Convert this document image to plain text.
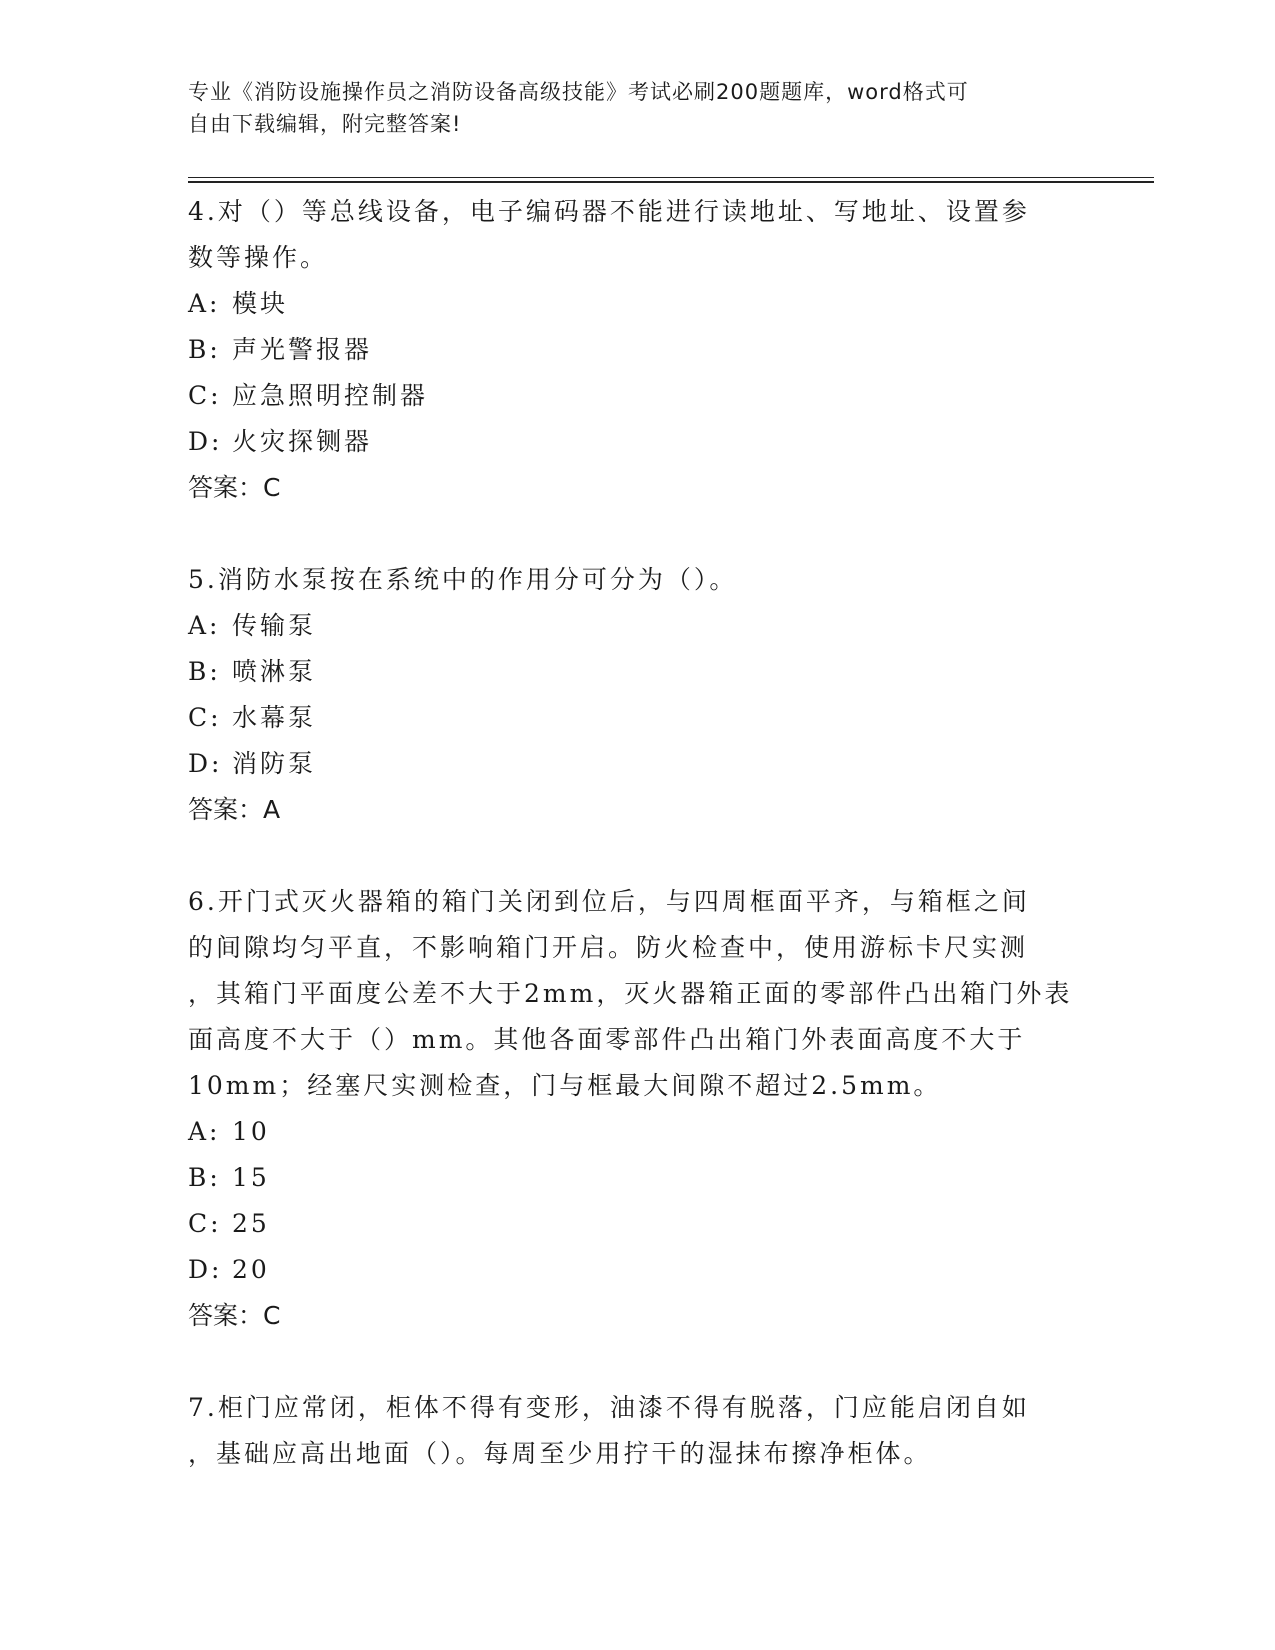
专业《消防设施操作员之消防设备高级技能》考试必刷200题题库，word格式可
自由下载编辑，附完整答案!
4.对（）等总线设备，电子编码器不能进行读地址、写地址、设置参
数等操作。
A: 模块
B: 声光警报器
C: 应急照明控制器
D: 火灾探铡器
答案：C
5.消防水泵按在系统中的作用分可分为（）。
A: 传输泵
B: 喷淋泵
C: 水幕泵
D: 消防泵
答案：A
6.开门式灭火器箱的箱门关闭到位后，与四周框面平齐，与箱框之间
的间隙均匀平直，不影响箱门开启。防火检查中，使用游标卡尺实测
，其箱门平面度公差不大于2mm，灭火器箱正面的零部件凸出箱门外表
面高度不大于（）mm。其他各面零部件凸出箱门外表面高度不大于
10mm；经塞尺实测检查，门与框最大间隙不超过2.5mm。
A: 10
B: 15
C: 25
D: 20
答案：C
7.柜门应常闭，柜体不得有变形，油漆不得有脱落，门应能启闭自如
，基础应高出地面（）。每周至少用拧干的湿抹布擦净柜体。
